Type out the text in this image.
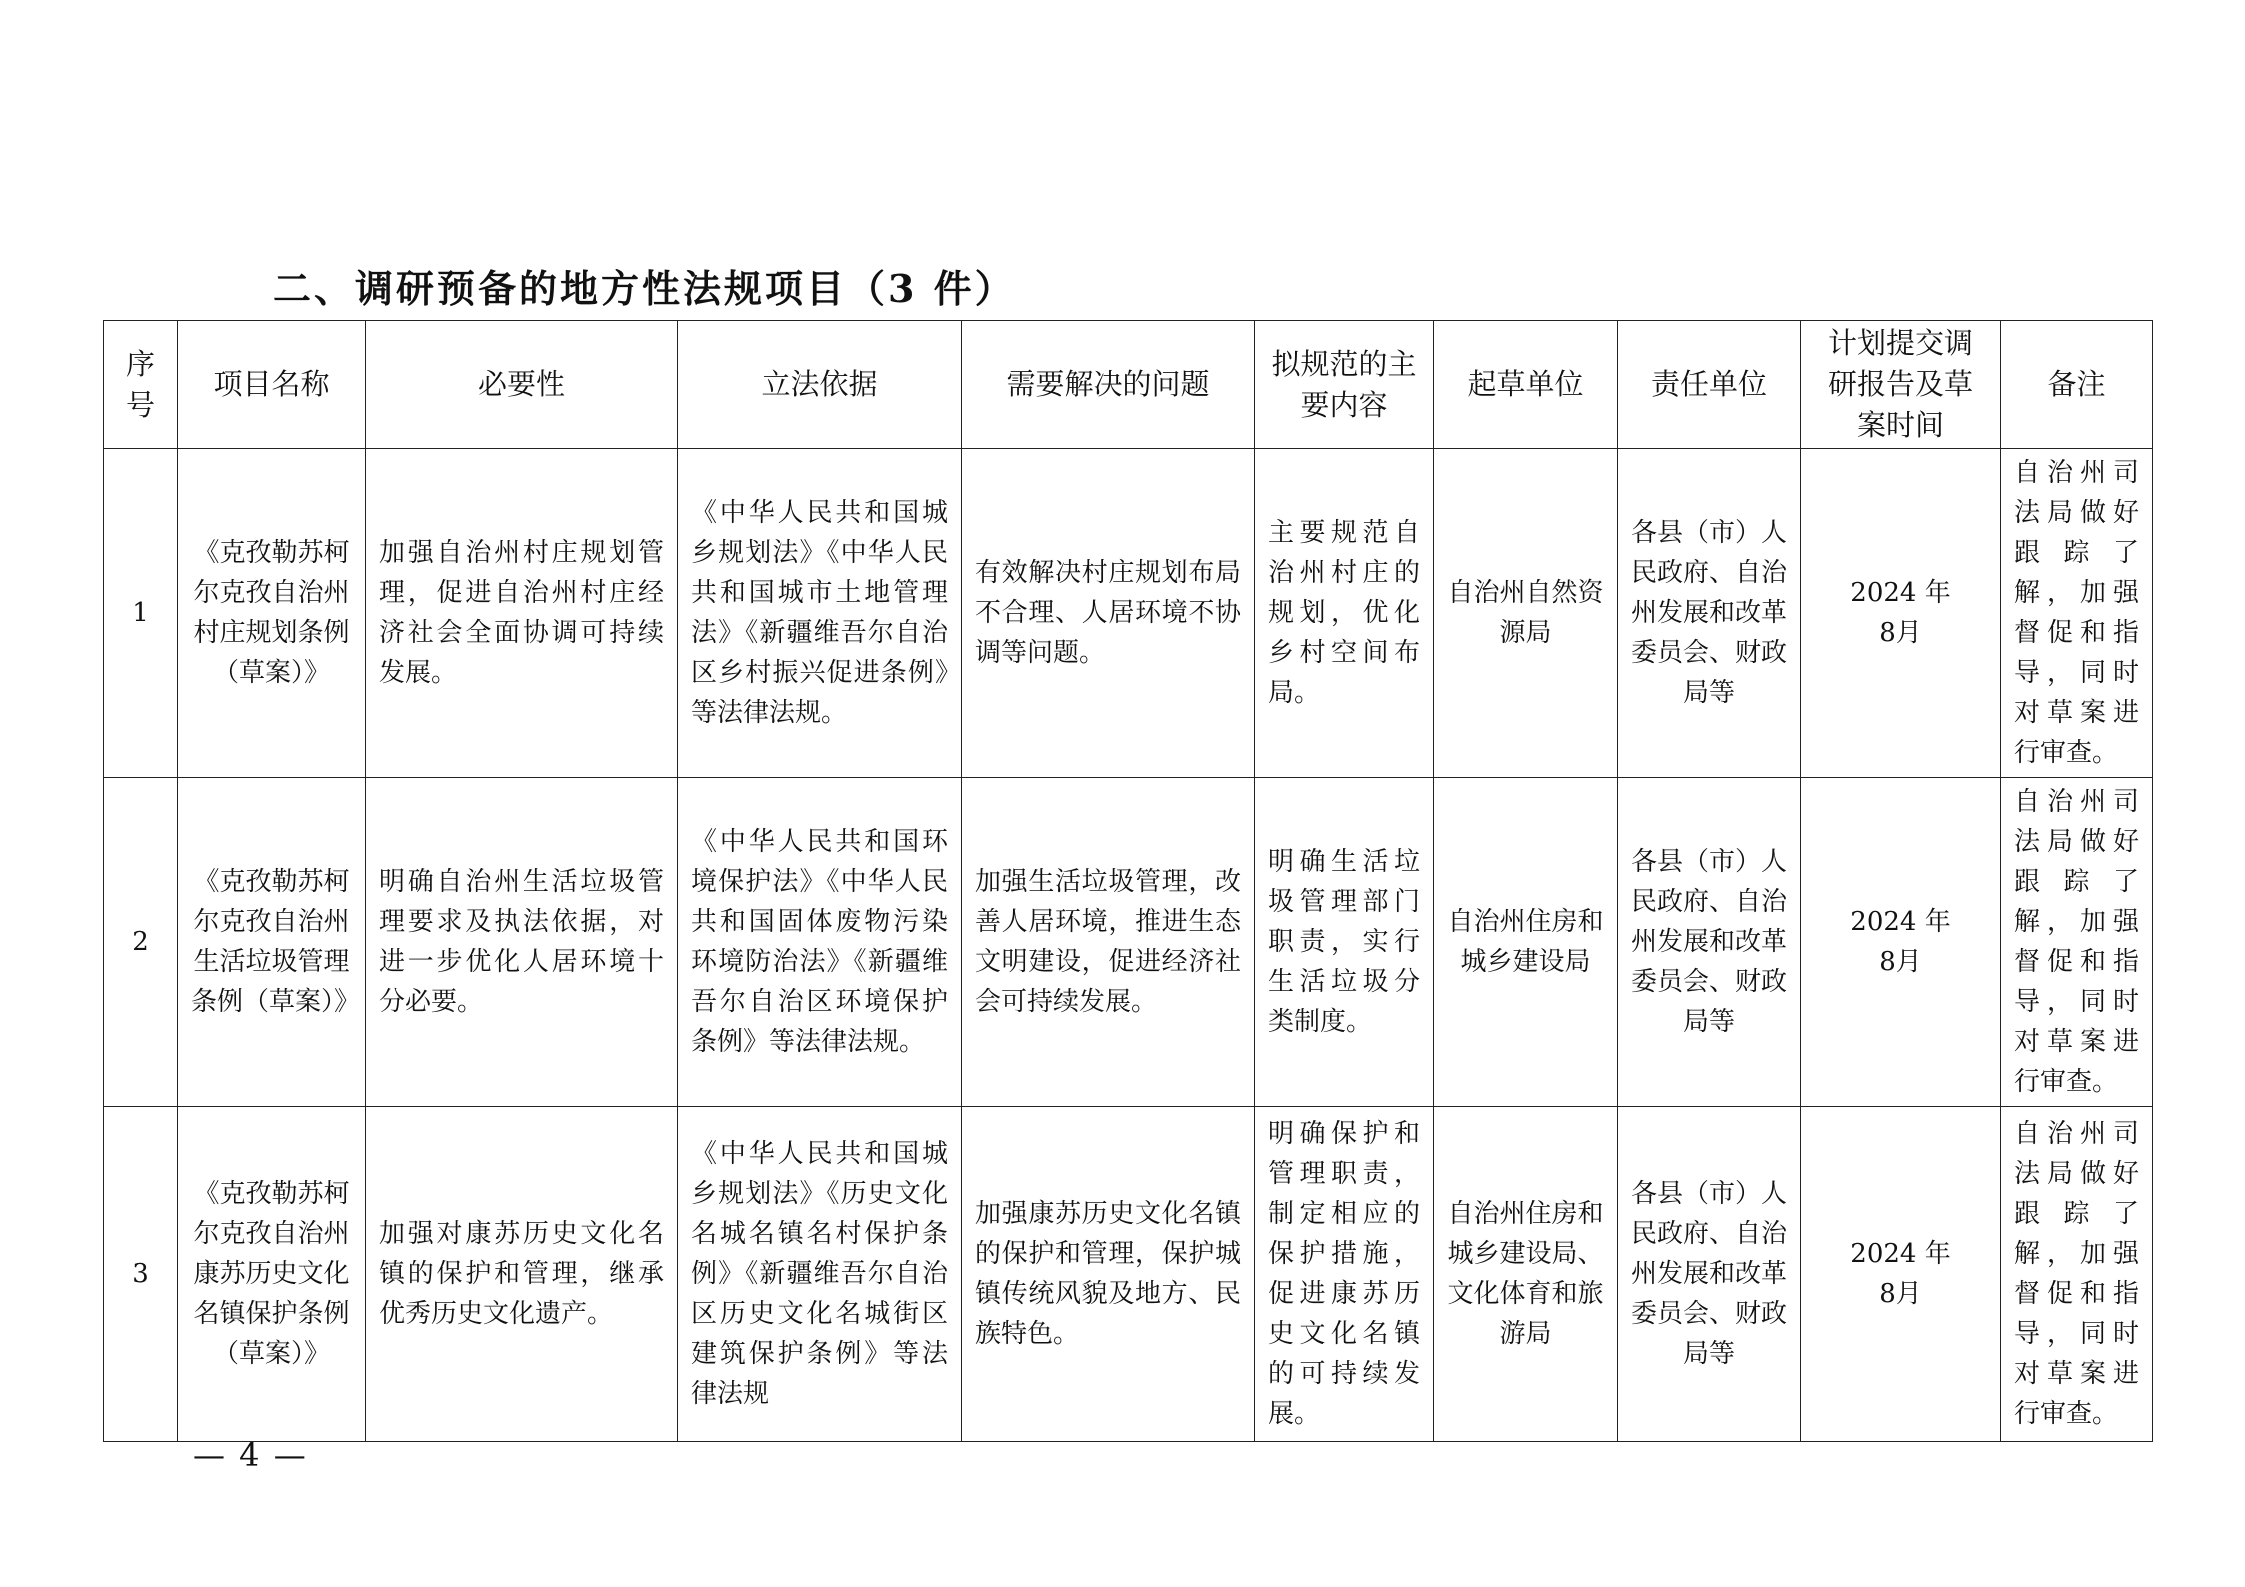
二、调研预备的地方性法规项目（3 件）
序号	项目名称	必要性	立法依据	需要解决的问题	拟规范的主要内容	起草单位	责任单位	计划提交调研报告及草案时间	备注
1	《克孜勒苏柯尔克孜自治州村庄规划条例（草案）》	加强自治州村庄规划管理，促进自治州村庄经济社会全面协调可持续发展。	《中华人民共和国城乡规划法》《中华人民共和国城市土地管理法》《新疆维吾尔自治区乡村振兴促进条例》等法律法规。	有效解决村庄规划布局不合理、人居环境不协调等问题。	主要规范自治州村庄的规划，优化乡村空间布局。	自治州自然资源局	各县（市）人民政府、自治州发展和改革委员会、财政局等	2024 年 8月	自治州司法局做好跟踪了解，加强督促和指导，同时对草案进行审查。
2	《克孜勒苏柯尔克孜自治州生活垃圾管理条例（草案）》	明确自治州生活垃圾管理要求及执法依据，对进一步优化人居环境十分必要。	《中华人民共和国环境保护法》《中华人民共和国固体废物污染环境防治法》《新疆维吾尔自治区环境保护条例》等法律法规。	加强生活垃圾管理，改善人居环境，推进生态文明建设，促进经济社会可持续发展。	明确生活垃圾管理部门职责，实行生活垃圾分类制度。	自治州住房和城乡建设局	各县（市）人民政府、自治州发展和改革委员会、财政局等	2024 年 8月	自治州司法局做好跟踪了解，加强督促和指导，同时对草案进行审查。
3	《克孜勒苏柯尔克孜自治州康苏历史文化名镇保护条例（草案）》	加强对康苏历史文化名镇的保护和管理，继承优秀历史文化遗产。	《中华人民共和国城乡规划法》《历史文化名城名镇名村保护条例》《新疆维吾尔自治区历史文化名城街区建筑保护条例》等法律法规	加强康苏历史文化名镇的保护和管理，保护城镇传统风貌及地方、民族特色。	明确保护和管理职责，制定相应的保护措施，促进康苏历史文化名镇的可持续发展。	自治州住房和城乡建设局、文化体育和旅游局	各县（市）人民政府、自治州发展和改革委员会、财政局等	2024 年 8月	自治州司法局做好跟踪了解，加强督促和指导，同时对草案进行审查。

— 4 —
